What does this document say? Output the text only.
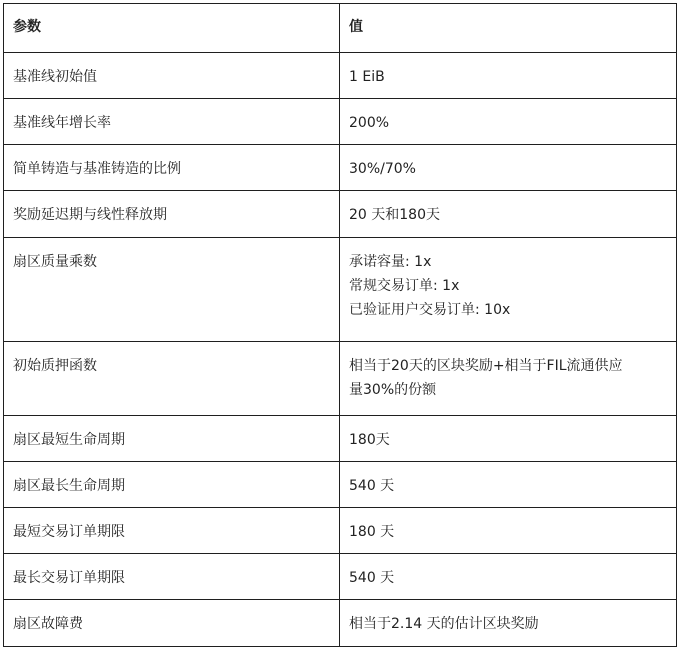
参数	值
基准线初始值	1 EiB

基准线年增长率	200%

简单铸造与基准铸造的比例	30%/70%

奖励延迟期与线性释放期	20 天和180天

扇区质量乘数	承诺容量: 1x
常规交易订单: 1x
已验证用户交易订单: 10x

初始质押函数	相当于20天的区块奖励+相当于FIL流通供应
量30%的份额

扇区最短生命周期	180天

扇区最长生命周期	540 天

最短交易订单期限	180 天

最长交易订单期限	540 天

扇区故障费	相当于2.14 天的估计区块奖励
